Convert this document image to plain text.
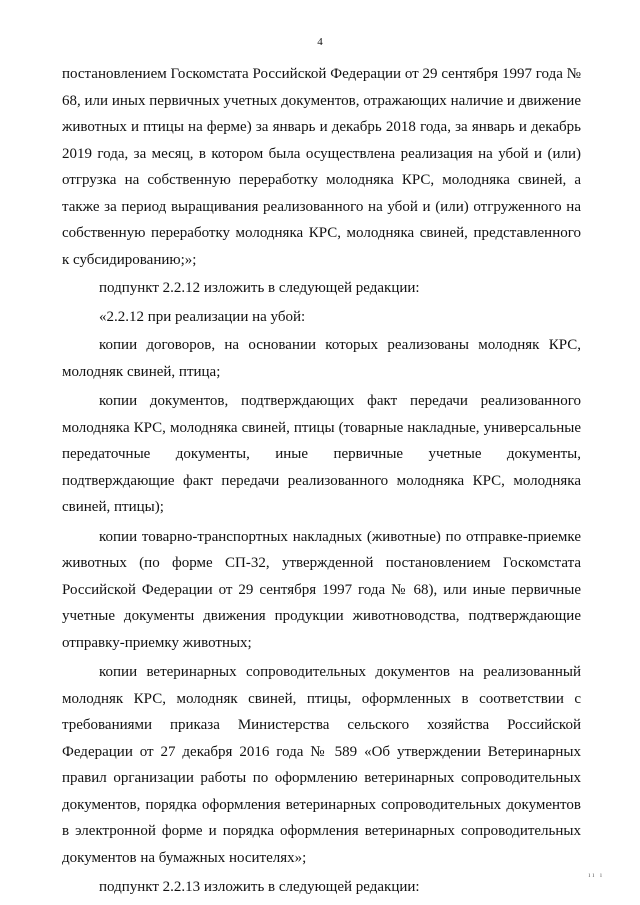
4

постановлением Госкомстата Российской Федерации от 29 сентября 1997 года № 68, или иных первичных учетных документов, отражающих наличие и движение животных и птицы на ферме) за январь и декабрь 2018 года, за январь и декабрь 2019 года, за месяц, в котором была осуществлена реализация на убой и (или) отгрузка на собственную переработку молодняка КРС, молодняка свиней, а также за период выращивания реализованного на убой и (или) отгруженного на собственную переработку молодняка КРС, молодняка свиней, представленного к субсидированию;»;

подпункт 2.2.12 изложить в следующей редакции:

«2.2.12 при реализации на убой:

копии договоров, на основании которых реализованы молодняк КРС, молодняк свиней, птица;

копии документов, подтверждающих факт передачи реализованного молодняка КРС, молодняка свиней, птицы (товарные накладные, универсальные передаточные документы, иные первичные учетные документы, подтверждающие факт передачи реализованного молодняка КРС, молодняка свиней, птицы);

копии товарно-транспортных накладных (животные) по отправке-приемке животных (по форме СП-32, утвержденной постановлением Госкомстата Российской Федерации от 29 сентября 1997 года № 68), или иные первичные учетные документы движения продукции животноводства, подтверждающие отправку-приемку животных;

копии ветеринарных сопроводительных документов на реализованный молодняк КРС, молодняк свиней, птицы, оформленных в соответствии с требованиями приказа Министерства сельского хозяйства Российской Федерации от 27 декабря 2016 года № 589 «Об утверждении Ветеринарных правил организации работы по оформлению ветеринарных сопроводительных документов, порядка оформления ветеринарных сопроводительных документов в электронной форме и порядка оформления ветеринарных сопроводительных документов на бумажных носителях»;

подпункт 2.2.13 изложить в следующей редакции:

ıı ı
